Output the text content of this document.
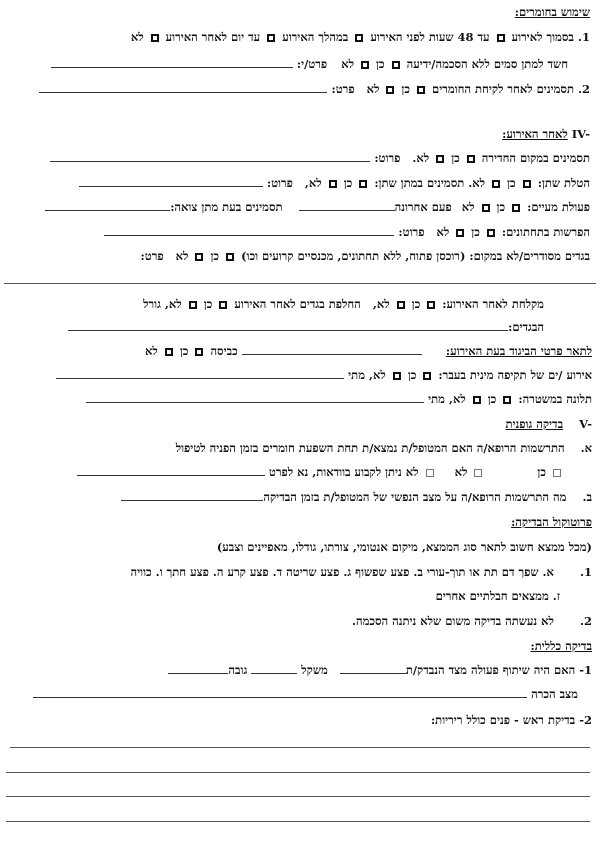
שימוש בחומרים:
1. בסמוך לאירוע  עד 48 שעות לפני האירוע  במהלך האירוע  עד יום לאחר האירוע  לא
חשד למתן סמים ללא הסכמה/ידיעה  כן  לא  פרט/י:
2. תסמינים לאחר לקיחת החומרים  כן  לא  פרט:
IV- לאחר האירוע:
תסמינים במקום החדירה  כן  לא.  פרוט:
הטלת שתן:  כן  לא. תסמינים במתן שתן:  כן  לא,  פרוט:
פעולת מעיים:  כן  לא  פעם אחרונה  תסמינים בעת מתן צואה:
הפרשות בתחתונים:  כן  לא  פרוט:
בגדים מסודרים/לא במקום: (רוכסן פתוח, ללא תחתונים, מכנסיים קרועים וכו)  כן  לא  פרט:
מקלחת לאחר האירוע:  כן  לא,  החלפת בגדים לאחר האירוע  כן  לא, גורל
הבגדים:
לתאר פרטי הביגוד בעת האירוע:   כביסה  כן  לא
אירוע /ים של תקיפה מינית בעבר:  כן  לא, מתי
תלונה במשטרה:  כן  לא, מתי
V-  בדיקה גופנית
א.  התרשמות הרופא/ה האם המטופל/ת נמצא/ת תחת השפעת חומרים בזמן הפניה לטיפול
כן   לא   לא ניתן לקבוע בוודאות, נא לפרט
ב.  מה התרשמות הרופא/ה על מצב הנפשי של המטופל/ת בזמן הבדיקה
פרוטוקול הבדיקה:
(מכל ממצא חשוב לתאר סוג הממצא, מיקום אנטומי, צורתו, גודלו, מאפיינים וצבע)
1.  א. שפך דם תת או תוך-עורי ב. פצע שפשוף ג. פצע שריטה ד. פצע קרע ה. פצע חתך ו. כוויה
ז. ממצאים חבלתיים אחרים
2.  לא נעשתה בדיקה משום שלא ניתנה הסכמה.
בדיקה כללית:
1- האם היה שיתוף פעולה מצד הנבדק/ת  משקל  גובה
מצב הכרה
2- בדיקת ראש - פנים כולל ריריות:
